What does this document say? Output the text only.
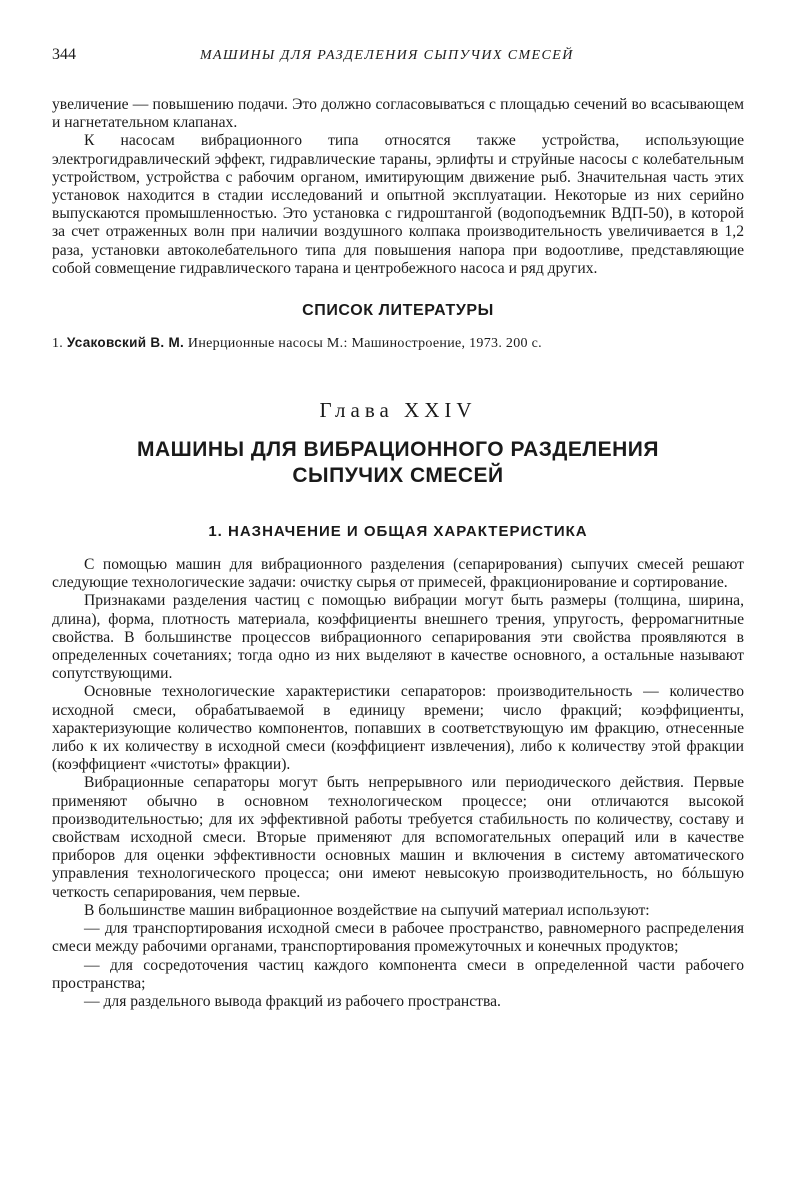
344	МАШИНЫ ДЛЯ РАЗДЕЛЕНИЯ СЫПУЧИХ СМЕСЕЙ

увеличение — повышению подачи. Это должно согласовываться с площадью сечений во всасывающем и нагнетательном клапанах.

К насосам вибрационного типа относятся также устройства, использующие электрогидравлический эффект, гидравлические тараны, эрлифты и струйные насосы с колебательным устройством, устройства с рабочим органом, имитирующим движение рыб. Значительная часть этих установок находится в стадии исследований и опытной эксплуатации. Некоторые из них серийно выпускаются промышленностью. Это установка с гидроштангой (водоподъемник ВДП-50), в которой за счет отраженных волн при наличии воздушного колпака производительность увеличивается в 1,2 раза, установки автоколебательного типа для повышения напора при водоотливе, представляющие собой совмещение гидравлического тарана и центробежного насоса и ряд других.

СПИСОК ЛИТЕРАТУРЫ
1. Усаковский В. М. Инерционные насосы М.: Машиностроение, 1973. 200 с.
Глава XXIV
МАШИНЫ ДЛЯ ВИБРАЦИОННОГО РАЗДЕЛЕНИЯ
СЫПУЧИХ СМЕСЕЙ
1. НАЗНАЧЕНИЕ И ОБЩАЯ ХАРАКТЕРИСТИКА

С помощью машин для вибрационного разделения (сепарирования) сыпучих смесей решают следующие технологические задачи: очистку сырья от примесей, фракционирование и сортирование.

Признаками разделения частиц с помощью вибрации могут быть размеры (толщина, ширина, длина), форма, плотность материала, коэффициенты внешнего трения, упругость, ферромагнитные свойства. В большинстве процессов вибрационного сепарирования эти свойства проявляются в определенных сочетаниях; тогда одно из них выделяют в качестве основного, а остальные называют сопутствующими.

Основные технологические характеристики сепараторов: производительность — количество исходной смеси, обрабатываемой в единицу времени; число фракций; коэффициенты, характеризующие количество компонентов, попавших в соответствующую им фракцию, отнесенные либо к их количеству в исходной смеси (коэффициент извлечения), либо к количеству этой фракции (коэффициент «чистоты» фракции).

Вибрационные сепараторы могут быть непрерывного или периодического действия. Первые применяют обычно в основном технологическом процессе; они отличаются высокой производительностью; для их эффективной работы требуется стабильность по количеству, составу и свойствам исходной смеси. Вторые применяют для вспомогательных операций или в качестве приборов для оценки эффективности основных машин и включения в систему автоматического управления технологического процесса; они имеют невысокую производительность, но бóльшую четкость сепарирования, чем первые.

В большинстве машин вибрационное воздействие на сыпучий материал используют:

— для транспортирования исходной смеси в рабочее пространство, равномерного распределения смеси между рабочими органами, транспортирования промежуточных и конечных продуктов;

— для сосредоточения частиц каждого компонента смеси в определенной части рабочего пространства;

— для раздельного вывода фракций из рабочего пространства.
